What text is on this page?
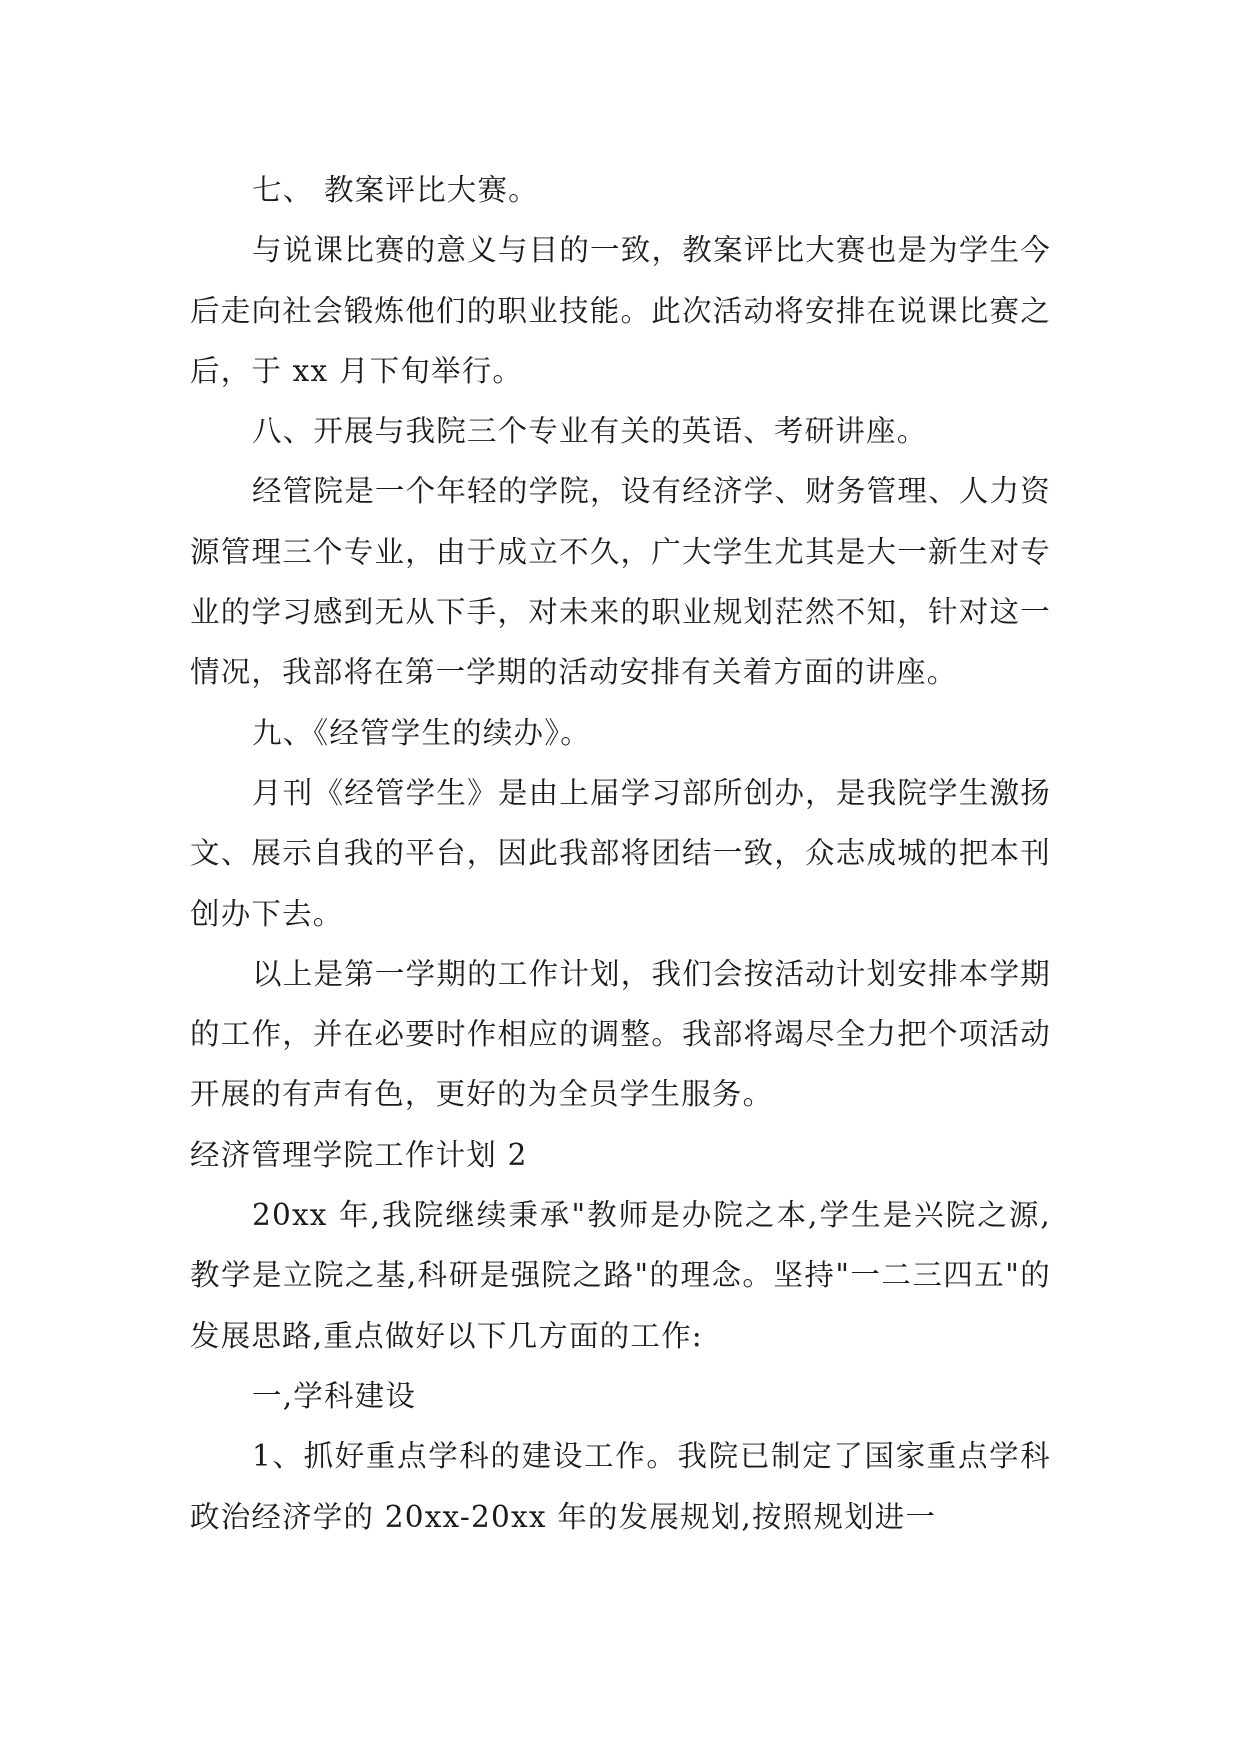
七、 教案评比大赛。

与说课比赛的意义与目的一致，教案评比大赛也是为学生今后走向社会锻炼他们的职业技能。此次活动将安排在说课比赛之后，于 xx 月下旬举行。

八、开展与我院三个专业有关的英语、考研讲座。

经管院是一个年轻的学院，设有经济学、财务管理、人力资源管理三个专业，由于成立不久，广大学生尤其是大一新生对专业的学习感到无从下手，对未来的职业规划茫然不知，针对这一情况，我部将在第一学期的活动安排有关着方面的讲座。

九、《经管学生的续办》。

月刊《经管学生》是由上届学习部所创办，是我院学生激扬文、展示自我的平台，因此我部将团结一致，众志成城的把本刊创办下去。

以上是第一学期的工作计划，我们会按活动计划安排本学期的工作，并在必要时作相应的调整。我部将竭尽全力把个项活动开展的有声有色，更好的为全员学生服务。

经济管理学院工作计划 2

20xx 年,我院继续秉承"教师是办院之本,学生是兴院之源,教学是立院之基,科研是强院之路"的理念。坚持"一二三四五"的发展思路,重点做好以下几方面的工作:

一,学科建设

1、抓好重点学科的建设工作。我院已制定了国家重点学科政治经济学的 20xx-20xx 年的发展规划,按照规划进一
